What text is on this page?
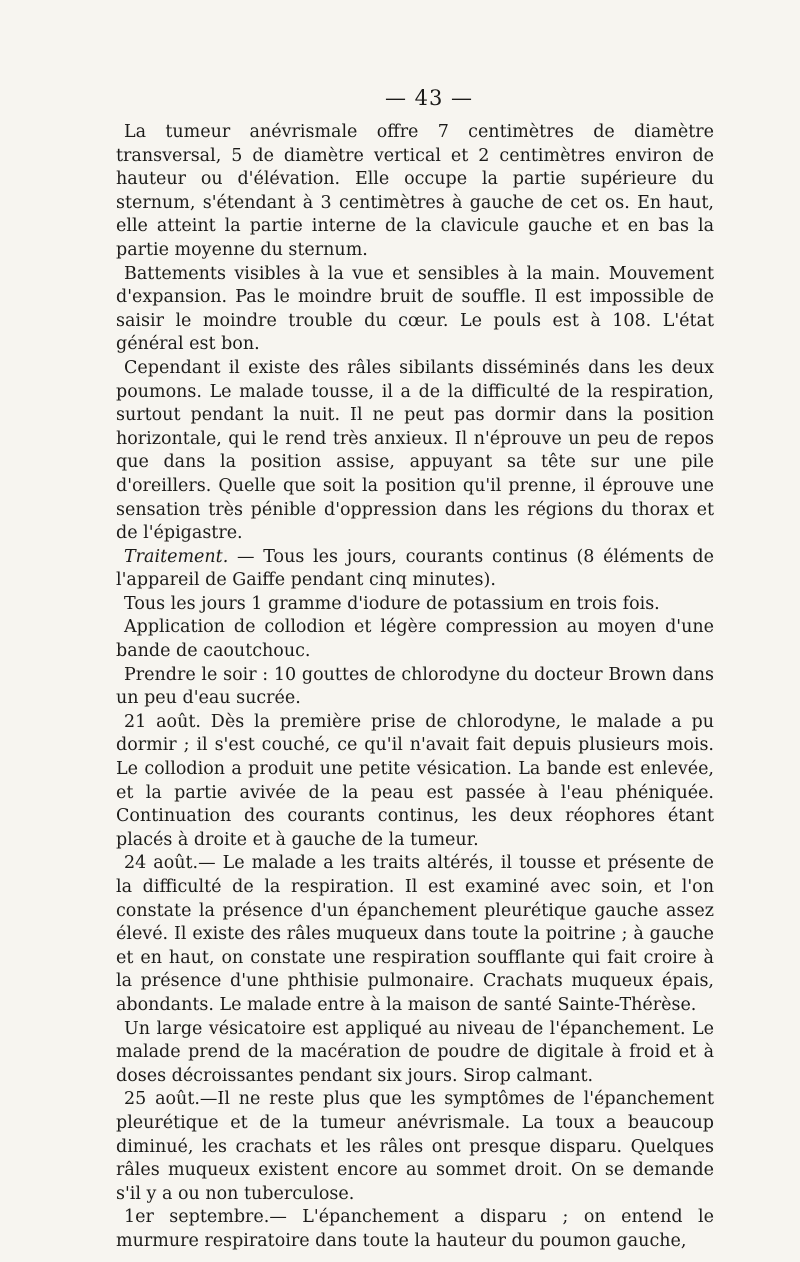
— 43 —

La tumeur anévrismale offre 7 centimètres de diamètre transversal, 5 de diamètre vertical et 2 centimètres environ de hauteur ou d'élévation. Elle occupe la partie supérieure du sternum, s'étendant à 3 centimètres à gauche de cet os. En haut, elle atteint la partie interne de la clavicule gauche et en bas la partie moyenne du sternum.

Battements visibles à la vue et sensibles à la main. Mouvement d'expansion. Pas le moindre bruit de souffle. Il est impossible de saisir le moindre trouble du cœur. Le pouls est à 108. L'état général est bon.

Cependant il existe des râles sibilants disséminés dans les deux poumons. Le malade tousse, il a de la difficulté de la respiration, surtout pendant la nuit. Il ne peut pas dormir dans la position horizontale, qui le rend très anxieux. Il n'éprouve un peu de repos que dans la position assise, appuyant sa tête sur une pile d'oreillers. Quelle que soit la position qu'il prenne, il éprouve une sensation très pénible d'oppression dans les régions du thorax et de l'épigastre.

Traitement. — Tous les jours, courants continus (8 éléments de l'appareil de Gaiffe pendant cinq minutes).

Tous les jours 1 gramme d'iodure de potassium en trois fois.

Application de collodion et légère compression au moyen d'une bande de caoutchouc.

Prendre le soir : 10 gouttes de chlorodyne du docteur Brown dans un peu d'eau sucrée.

21 août. Dès la première prise de chlorodyne, le malade a pu dormir ; il s'est couché, ce qu'il n'avait fait depuis plusieurs mois. Le collodion a produit une petite vésication. La bande est enlevée, et la partie avivée de la peau est passée à l'eau phéniquée. Continuation des courants continus, les deux réophores étant placés à droite et à gauche de la tumeur.

24 août.— Le malade a les traits altérés, il tousse et présente de la difficulté de la respiration. Il est examiné avec soin, et l'on constate la présence d'un épanchement pleurétique gauche assez élevé. Il existe des râles muqueux dans toute la poitrine ; à gauche et en haut, on constate une respiration soufflante qui fait croire à la présence d'une phthisie pulmonaire. Crachats muqueux épais, abondants. Le malade entre à la maison de santé Sainte-Thérèse.

Un large vésicatoire est appliqué au niveau de l'épanchement. Le malade prend de la macération de poudre de digitale à froid et à doses décroissantes pendant six jours. Sirop calmant.

25 août.—Il ne reste plus que les symptômes de l'épanchement pleurétique et de la tumeur anévrismale. La toux a beaucoup diminué, les crachats et les râles ont presque disparu. Quelques râles muqueux existent encore au sommet droit. On se demande s'il y a ou non tuberculose.

1er septembre.— L'épanchement a disparu ; on entend le murmure respiratoire dans toute la hauteur du poumon gauche,
